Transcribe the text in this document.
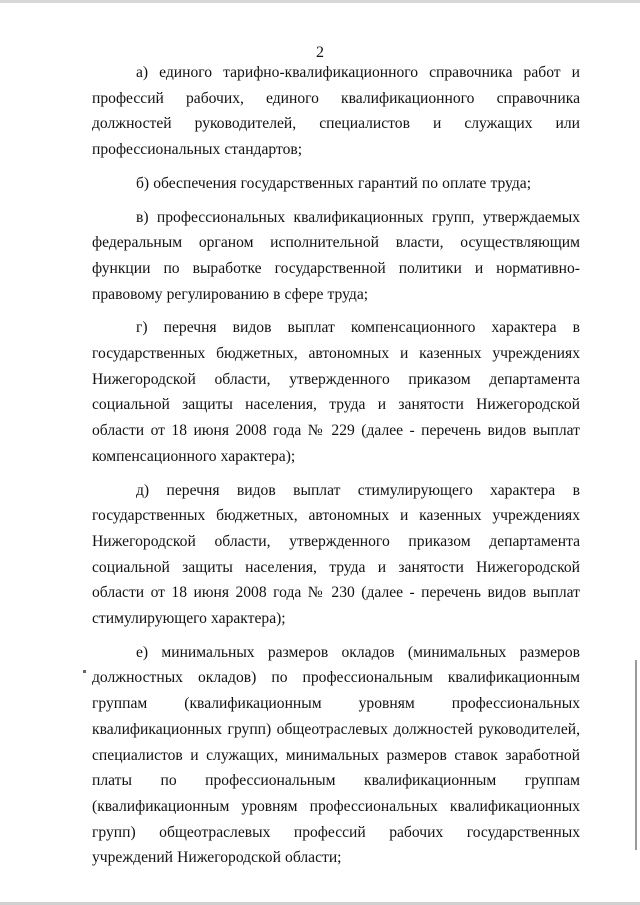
2

а) единого тарифно-квалификационного справочника работ и профессий рабочих, единого квалификационного справочника должностей руководителей, специалистов и служащих или профессиональных стандартов;

б) обеспечения государственных гарантий по оплате труда;

в) профессиональных квалификационных групп, утверждаемых федеральным органом исполнительной власти, осуществляющим функции по выработке государственной политики и нормативно-правовому регулированию в сфере труда;

г) перечня видов выплат компенсационного характера в государственных бюджетных, автономных и казенных учреждениях Нижегородской области, утвержденного приказом департамента социальной защиты населения, труда и занятости Нижегородской области от 18 июня 2008 года № 229 (далее - перечень видов выплат компенсационного характера);

д) перечня видов выплат стимулирующего характера в государственных бюджетных, автономных и казенных учреждениях Нижегородской области, утвержденного приказом департамента социальной защиты населения, труда и занятости Нижегородской области от 18 июня 2008 года № 230 (далее - перечень видов выплат стимулирующего характера);

е) минимальных размеров окладов (минимальных размеров должностных окладов) по профессиональным квалификационным группам (квалификационным уровням профессиональных квалификационных групп) общеотраслевых должностей руководителей, специалистов и служащих, минимальных размеров ставок заработной платы по профессиональным квалификационным группам (квалификационным уровням профессиональных квалификационных групп) общеотраслевых профессий рабочих государственных учреждений Нижегородской области;
